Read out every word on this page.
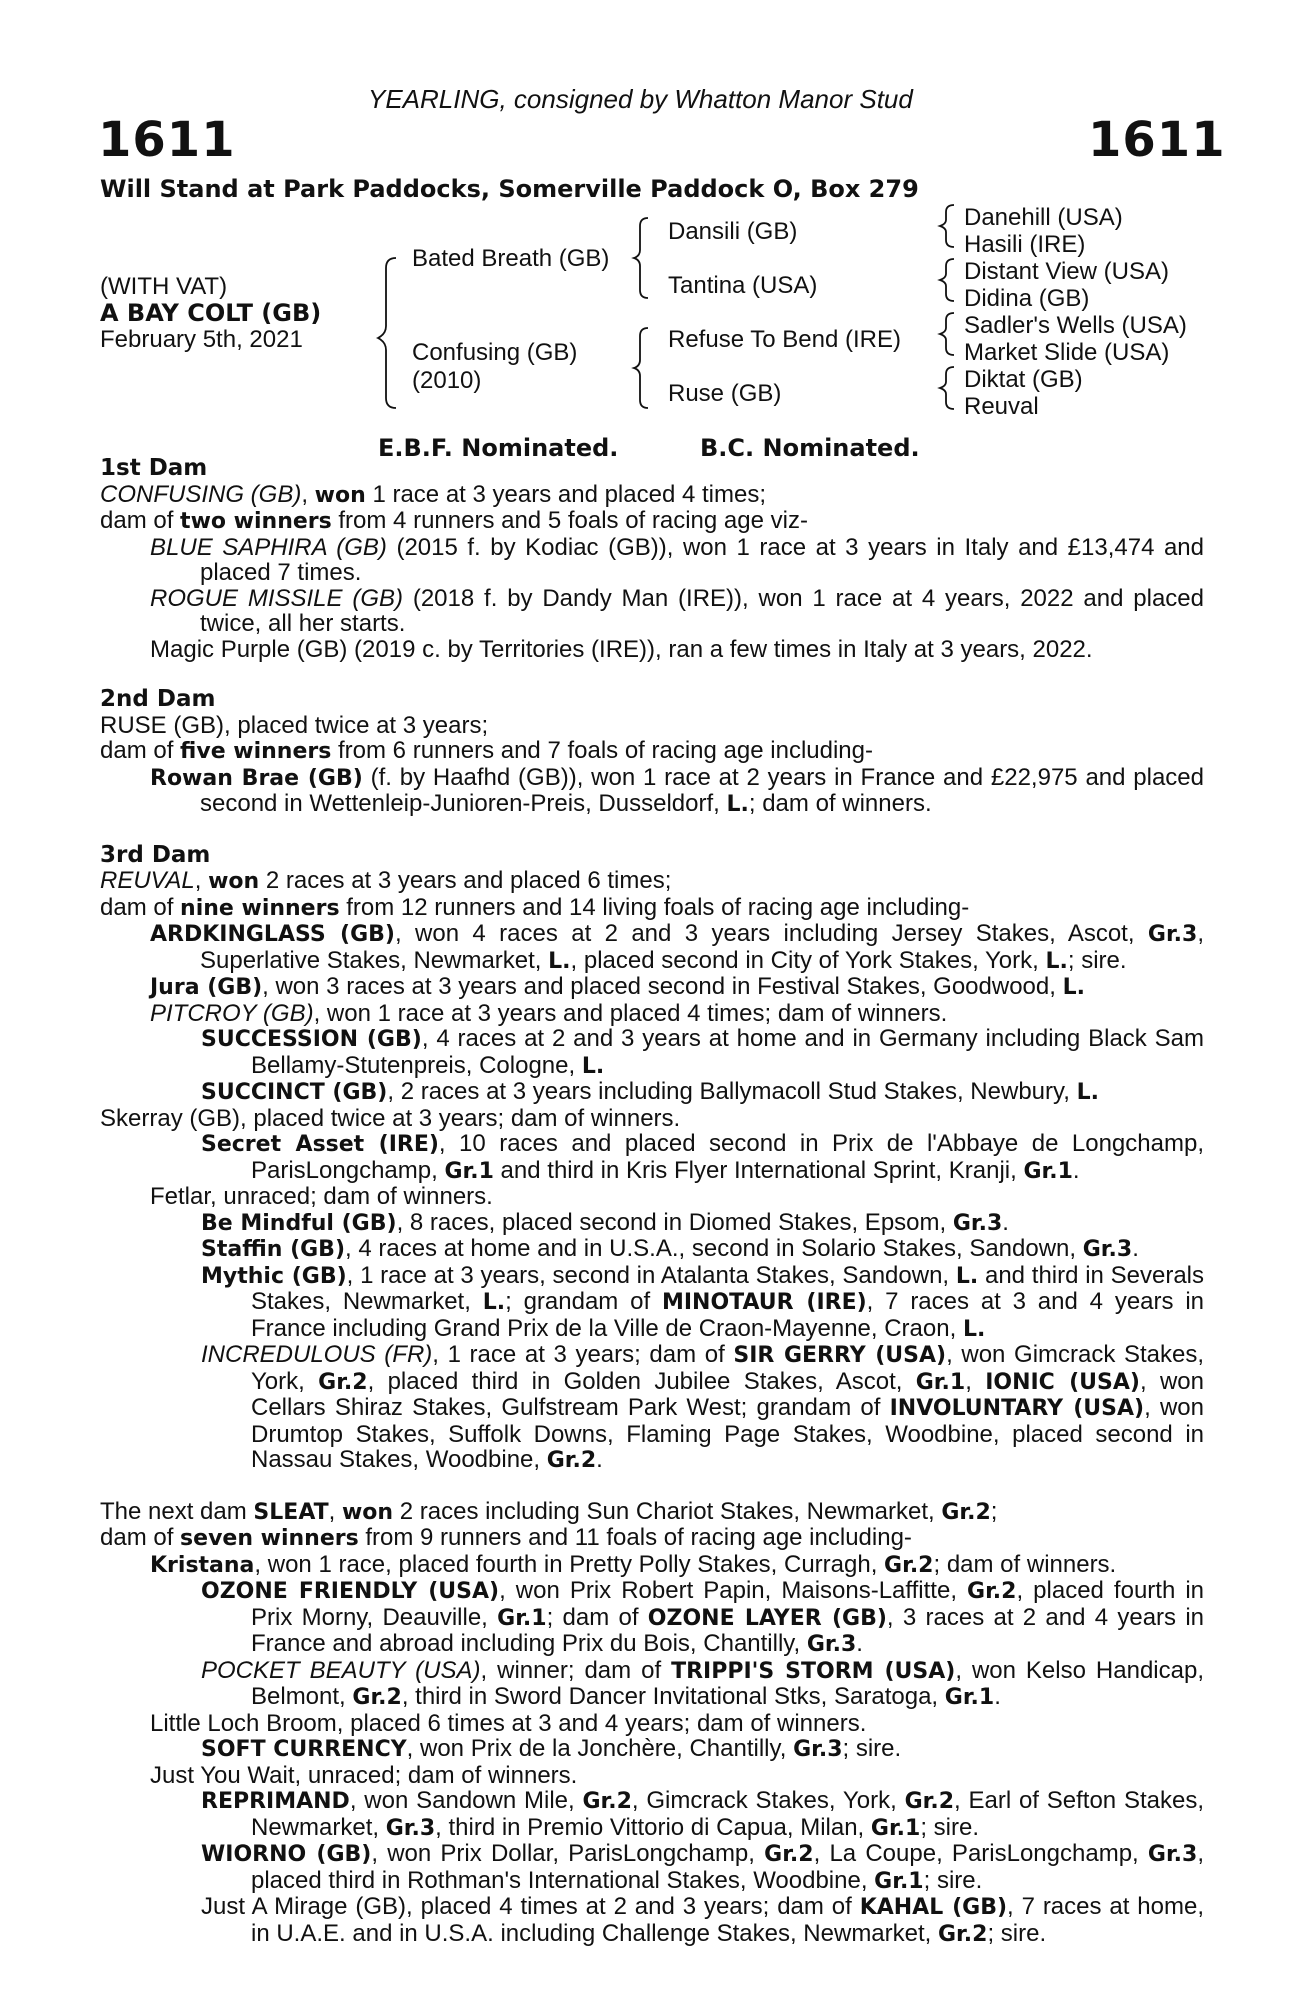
YEARLING, consigned by Whatton Manor Stud
1611	1611
Will Stand at Park Paddocks, Somerville Paddock O, Box 279
(WITH VAT)
A BAY COLT (GB)
February 5th, 2021
Bated Breath (GB)
Confusing (GB)
(2010)
Dansili (GB)
Tantina (USA)
Refuse To Bend (IRE)
Ruse (GB)
Danehill (USA)
Hasili (IRE)
Distant View (USA)
Didina (GB)
Sadler's Wells (USA)
Market Slide (USA)
Diktat (GB)
Reuval
E.B.F. Nominated.	B.C. Nominated.
1st Dam
CONFUSING (GB), won 1 race at 3 years and placed 4 times;
dam of two winners from 4 runners and 5 foals of racing age viz-
BLUE SAPHIRA (GB) (2015 f. by Kodiac (GB)), won 1 race at 3 years in Italy and £13,474 and placed 7 times.
ROGUE MISSILE (GB) (2018 f. by Dandy Man (IRE)), won 1 race at 4 years, 2022 and placed twice, all her starts.
Magic Purple (GB) (2019 c. by Territories (IRE)), ran a few times in Italy at 3 years, 2022.
2nd Dam
RUSE (GB), placed twice at 3 years;
dam of five winners from 6 runners and 7 foals of racing age including-
Rowan Brae (GB) (f. by Haafhd (GB)), won 1 race at 2 years in France and £22,975 and placed second in Wettenleip-Junioren-Preis, Dusseldorf, L.; dam of winners.
3rd Dam
REUVAL, won 2 races at 3 years and placed 6 times;
dam of nine winners from 12 runners and 14 living foals of racing age including-
ARDKINGLASS (GB), won 4 races at 2 and 3 years including Jersey Stakes, Ascot, Gr.3, Superlative Stakes, Newmarket, L., placed second in City of York Stakes, York, L.; sire.
Jura (GB), won 3 races at 3 years and placed second in Festival Stakes, Goodwood, L.
PITCROY (GB), won 1 race at 3 years and placed 4 times; dam of winners.
SUCCESSION (GB), 4 races at 2 and 3 years at home and in Germany including Black Sam Bellamy-Stutenpreis, Cologne, L.
SUCCINCT (GB), 2 races at 3 years including Ballymacoll Stud Stakes, Newbury, L.
Skerray (GB), placed twice at 3 years; dam of winners.
Secret Asset (IRE), 10 races and placed second in Prix de l'Abbaye de Longchamp, ParisLongchamp, Gr.1 and third in Kris Flyer International Sprint, Kranji, Gr.1.
Fetlar, unraced; dam of winners.
Be Mindful (GB), 8 races, placed second in Diomed Stakes, Epsom, Gr.3.
Staffin (GB), 4 races at home and in U.S.A., second in Solario Stakes, Sandown, Gr.3.
Mythic (GB), 1 race at 3 years, second in Atalanta Stakes, Sandown, L. and third in Severals Stakes, Newmarket, L.; grandam of MINOTAUR (IRE), 7 races at 3 and 4 years in France including Grand Prix de la Ville de Craon-Mayenne, Craon, L.
INCREDULOUS (FR), 1 race at 3 years; dam of SIR GERRY (USA), won Gimcrack Stakes, York, Gr.2, placed third in Golden Jubilee Stakes, Ascot, Gr.1, IONIC (USA), won Cellars Shiraz Stakes, Gulfstream Park West; grandam of INVOLUNTARY (USA), won Drumtop Stakes, Suffolk Downs, Flaming Page Stakes, Woodbine, placed second in Nassau Stakes, Woodbine, Gr.2.
The next dam SLEAT, won 2 races including Sun Chariot Stakes, Newmarket, Gr.2;
dam of seven winners from 9 runners and 11 foals of racing age including-
Kristana, won 1 race, placed fourth in Pretty Polly Stakes, Curragh, Gr.2; dam of winners.
OZONE FRIENDLY (USA), won Prix Robert Papin, Maisons-Laffitte, Gr.2, placed fourth in Prix Morny, Deauville, Gr.1; dam of OZONE LAYER (GB), 3 races at 2 and 4 years in France and abroad including Prix du Bois, Chantilly, Gr.3.
POCKET BEAUTY (USA), winner; dam of TRIPPI'S STORM (USA), won Kelso Handicap, Belmont, Gr.2, third in Sword Dancer Invitational Stks, Saratoga, Gr.1.
Little Loch Broom, placed 6 times at 3 and 4 years; dam of winners.
SOFT CURRENCY, won Prix de la Jonchère, Chantilly, Gr.3; sire.
Just You Wait, unraced; dam of winners.
REPRIMAND, won Sandown Mile, Gr.2, Gimcrack Stakes, York, Gr.2, Earl of Sefton Stakes, Newmarket, Gr.3, third in Premio Vittorio di Capua, Milan, Gr.1; sire.
WIORNO (GB), won Prix Dollar, ParisLongchamp, Gr.2, La Coupe, ParisLongchamp, Gr.3, placed third in Rothman's International Stakes, Woodbine, Gr.1; sire.
Just A Mirage (GB), placed 4 times at 2 and 3 years; dam of KAHAL (GB), 7 races at home, in U.A.E. and in U.S.A. including Challenge Stakes, Newmarket, Gr.2; sire.
